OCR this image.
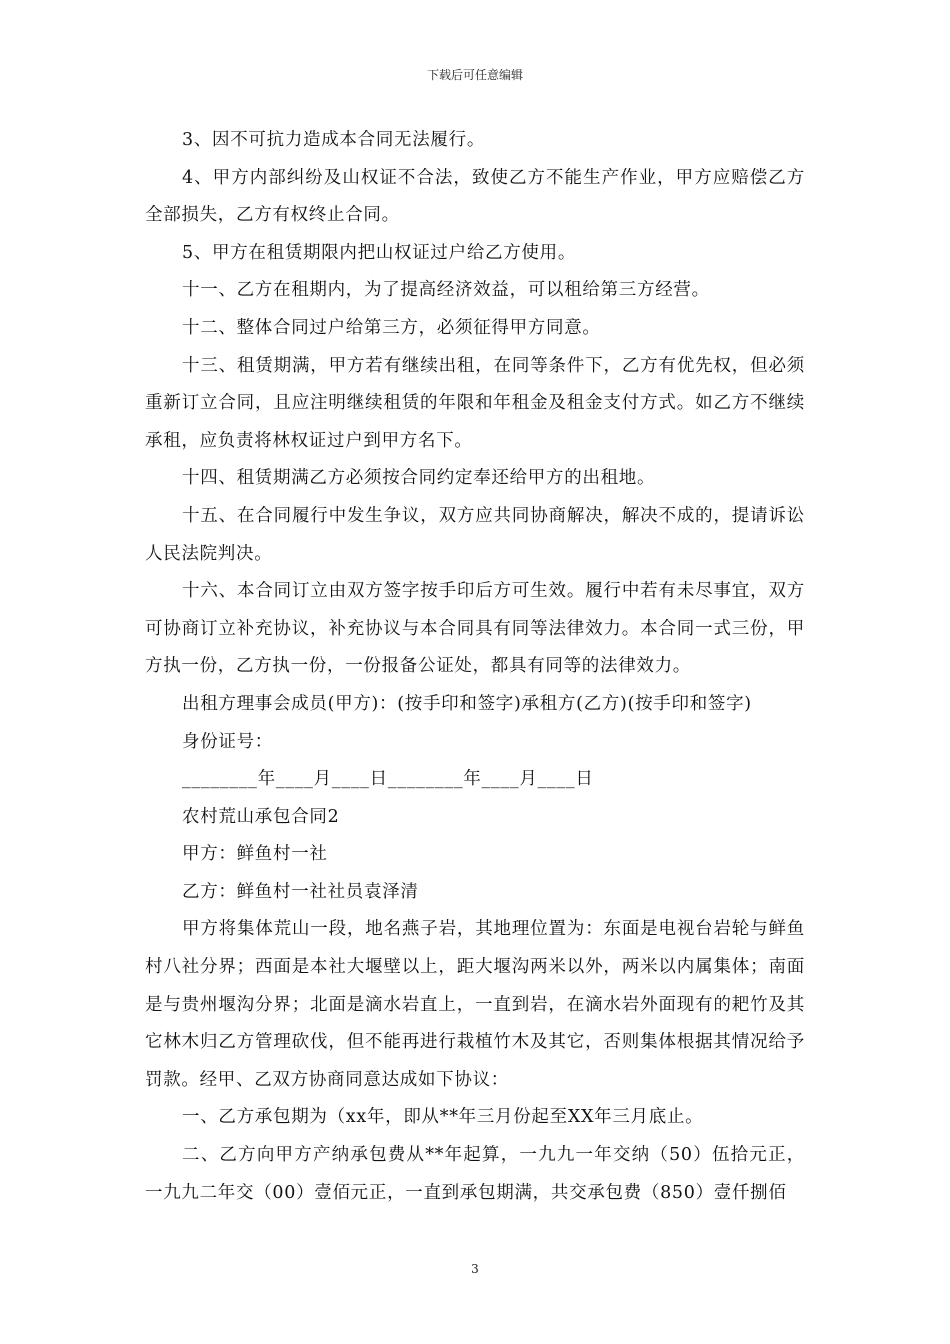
下载后可任意编辑

3、因不可抗力造成本合同无法履行。

4、甲方内部纠纷及山权证不合法，致使乙方不能生产作业，甲方应赔偿乙方全部损失，乙方有权终止合同。

5、甲方在租赁期限内把山权证过户给乙方使用。

十一、乙方在租期内，为了提高经济效益，可以租给第三方经营。

十二、整体合同过户给第三方，必须征得甲方同意。

十三、租赁期满，甲方若有继续出租，在同等条件下，乙方有优先权，但必须重新订立合同，且应注明继续租赁的年限和年租金及租金支付方式。如乙方不继续承租，应负责将林权证过户到甲方名下。

十四、租赁期满乙方必须按合同约定奉还给甲方的出租地。

十五、在合同履行中发生争议，双方应共同协商解决，解决不成的，提请诉讼人民法院判决。

十六、本合同订立由双方签字按手印后方可生效。履行中若有未尽事宜，双方可协商订立补充协议，补充协议与本合同具有同等法律效力。本合同一式三份，甲方执一份，乙方执一份，一份报备公证处，都具有同等的法律效力。

出租方理事会成员(甲方)：(按手印和签字)承租方(乙方)(按手印和签字)

身份证号：

________年____月____日________年____月____日

农村荒山承包合同2

甲方：鲜鱼村一社

乙方：鲜鱼村一社社员袁泽清

甲方将集体荒山一段，地名燕子岩，其地理位置为：东面是电视台岩轮与鲜鱼村八社分界；西面是本社大堰壁以上，距大堰沟两米以外，两米以内属集体；南面是与贵州堰沟分界；北面是滴水岩直上，一直到岩，在滴水岩外面现有的耙竹及其它林木归乙方管理砍伐，但不能再进行栽植竹木及其它，否则集体根据其情况给予罚款。经甲、乙双方协商同意达成如下协议：

一、乙方承包期为（xx年，即从**年三月份起至XX年三月底止。

二、乙方向甲方产纳承包费从**年起算，一九九一年交纳（50）伍拾元正，一九九二年交（00）壹佰元正，一直到承包期满，共交承包费（850）壹仟捌佰

3
